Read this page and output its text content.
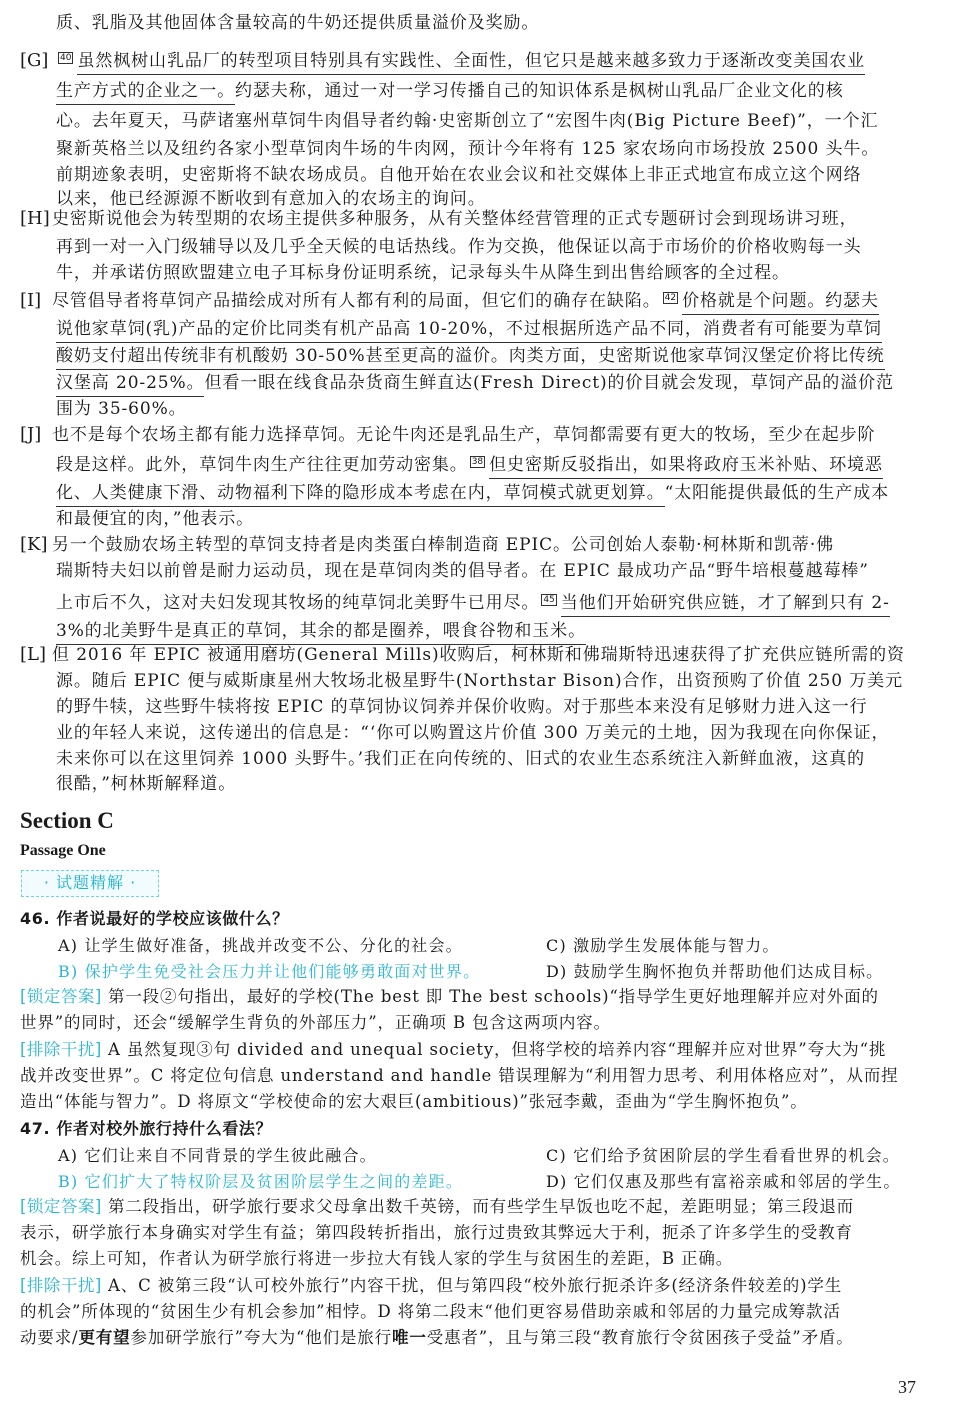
质、乳脂及其他固体含量较高的牛奶还提供质量溢价及奖励。
[G]	40 虽然枫树山乳品厂的转型项目特别具有实践性、全面性，但它只是越来越多致力于逐渐改变美国农业
生产方式的企业之一。约瑟夫称，通过一对一学习传播自己的知识体系是枫树山乳品厂企业文化的核
心。去年夏天，马萨诸塞州草饲牛肉倡导者约翰·史密斯创立了“宏图牛肉(Big Picture Beef)”，一个汇
聚新英格兰以及纽约各家小型草饲肉牛场的牛肉网，预计今年将有 125 家农场向市场投放 2500 头牛。
前期迹象表明，史密斯将不缺农场成员。自他开始在农业会议和社交媒体上非正式地宣布成立这个网络
以来，他已经源源不断收到有意加入的农场主的询问。
[H] 史密斯说他会为转型期的农场主提供多种服务，从有关整体经营管理的正式专题研讨会到现场讲习班，
再到一对一入门级辅导以及几乎全天候的电话热线。作为交换，他保证以高于市场价的价格收购每一头
牛，并承诺仿照欧盟建立电子耳标身份证明系统，记录每头牛从降生到出售给顾客的全过程。
[I] 尽管倡导者将草饲产品描绘成对所有人都有利的局面，但它们的确存在缺陷。 42 价格就是个问题。约瑟夫
说他家草饲(乳)产品的定价比同类有机产品高 10-20%，不过根据所选产品不同，消费者有可能要为草饲
酸奶支付超出传统非有机酸奶 30-50%甚至更高的溢价。肉类方面，史密斯说他家草饲汉堡定价将比传统
汉堡高 20-25%。但看一眼在线食品杂货商生鲜直达(Fresh Direct)的价目就会发现，草饲产品的溢价范
围为 35-60%。
[J] 也不是每个农场主都有能力选择草饲。无论牛肉还是乳品生产，草饲都需要有更大的牧场，至少在起步阶
段是这样。此外，草饲牛肉生产往往更加劳动密集。 38 但史密斯反驳指出，如果将政府玉米补贴、环境恶
化、人类健康下滑、动物福利下降的隐形成本考虑在内，草饲模式就更划算。“太阳能提供最低的生产成本
和最便宜的肉，”他表示。
[K] 另一个鼓励农场主转型的草饲支持者是肉类蛋白棒制造商 EPIC。公司创始人泰勒·柯林斯和凯蒂·佛
瑞斯特夫妇以前曾是耐力运动员，现在是草饲肉类的倡导者。在 EPIC 最成功产品“野牛培根蔓越莓棒”
上市后不久，这对夫妇发现其牧场的纯草饲北美野牛已用尽。 45 当他们开始研究供应链，才了解到只有 2-
3%的北美野牛是真正的草饲，其余的都是圈养，喂食谷物和玉米。
[L] 但 2016 年 EPIC 被通用磨坊(General Mills)收购后，柯林斯和佛瑞斯特迅速获得了扩充供应链所需的资
源。随后 EPIC 便与威斯康星州大牧场北极星野牛(Northstar Bison)合作，出资预购了价值 250 万美元
的野牛犊，这些野牛犊将按 EPIC 的草饲协议饲养并保价收购。对于那些本来没有足够财力进入这一行
业的年轻人来说，这传递出的信息是：“‘你可以购置这片价值 300 万美元的土地，因为我现在向你保证，
未来你可以在这里饲养 1000 头野牛。’我们正在向传统的、旧式的农业生态系统注入新鲜血液，这真的
很酷，”柯林斯解释道。
Section C
Passage One
· 试题精解 ·
46. 作者说最好的学校应该做什么？
A) 让学生做好准备，挑战并改变不公、分化的社会。	C) 激励学生发展体能与智力。
B) 保护学生免受社会压力并让他们能够勇敢面对世界。	D) 鼓励学生胸怀抱负并帮助他们达成目标。
[锁定答案] 第一段②句指出，最好的学校(The best 即 The best schools)“指导学生更好地理解并应对外面的
世界”的同时，还会“缓解学生背负的外部压力”，正确项 B 包含这两项内容。
[排除干扰] A 虽然复现③句 divided and unequal society，但将学校的培养内容“理解并应对世界”夸大为“挑
战并改变世界”。C 将定位句信息 understand and handle 错误理解为“利用智力思考、利用体格应对”，从而捏
造出“体能与智力”。D 将原文“学校使命的宏大艰巨(ambitious)”张冠李戴，歪曲为“学生胸怀抱负”。
47. 作者对校外旅行持什么看法？
A) 它们让来自不同背景的学生彼此融合。	C) 它们给予贫困阶层的学生看看世界的机会。
B) 它们扩大了特权阶层及贫困阶层学生之间的差距。	D) 它们仅惠及那些有富裕亲戚和邻居的学生。
[锁定答案] 第二段指出，研学旅行要求父母拿出数千英镑，而有些学生早饭也吃不起，差距明显；第三段退而
表示，研学旅行本身确实对学生有益；第四段转折指出，旅行过贵致其弊远大于利，扼杀了许多学生的受教育
机会。综上可知，作者认为研学旅行将进一步拉大有钱人家的学生与贫困生的差距，B 正确。
[排除干扰] A、C 被第三段“认可校外旅行”内容干扰，但与第四段“校外旅行扼杀许多(经济条件较差的)学生
的机会”所体现的“贫困生少有机会参加”相悖。D 将第二段末“他们更容易借助亲戚和邻居的力量完成筹款活
动要求/更有望参加研学旅行”夸大为“他们是旅行唯一受惠者”，且与第三段“教育旅行令贫困孩子受益”矛盾。
37
